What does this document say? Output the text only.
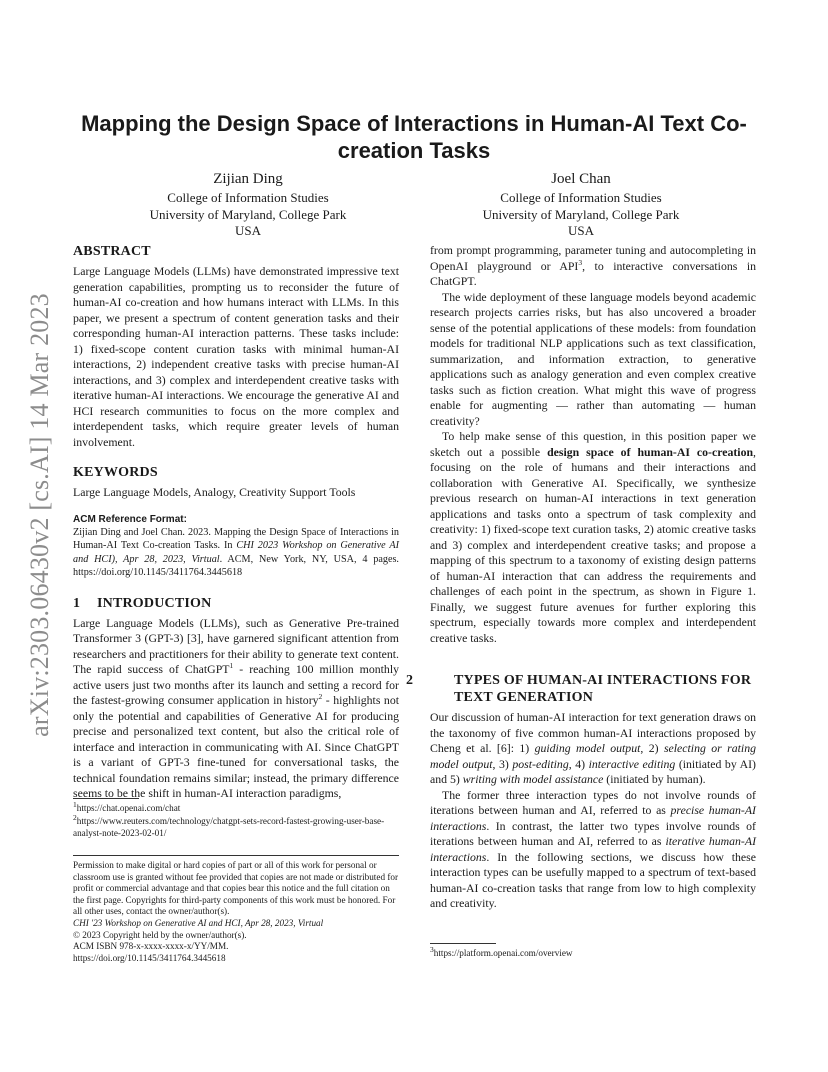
arXiv:2303.06430v2 [cs.AI] 14 Mar 2023
Mapping the Design Space of Interactions in Human-AI Text Co-creation Tasks
Zijian Ding
College of Information Studies
University of Maryland, College Park
USA
Joel Chan
College of Information Studies
University of Maryland, College Park
USA
ABSTRACT

Large Language Models (LLMs) have demonstrated impressive text generation capabilities, prompting us to reconsider the future of human-AI co-creation and how humans interact with LLMs. In this paper, we present a spectrum of content generation tasks and their corresponding human-AI interaction patterns. These tasks include: 1) fixed-scope content curation tasks with minimal human-AI interactions, 2) independent creative tasks with precise human-AI interactions, and 3) complex and interdependent creative tasks with iterative human-AI interactions. We encourage the generative AI and HCI research communities to focus on the more complex and interdependent tasks, which require greater levels of human involvement.

KEYWORDS

Large Language Models, Analogy, Creativity Support Tools

ACM Reference Format:

Zijian Ding and Joel Chan. 2023. Mapping the Design Space of Interactions in Human-AI Text Co-creation Tasks. In CHI 2023 Workshop on Generative AI and HCI), Apr 28, 2023, Virtual. ACM, New York, NY, USA, 4 pages. https://doi.org/10.1145/3411764.3445618

1 INTRODUCTION

Large Language Models (LLMs), such as Generative Pre-trained Transformer 3 (GPT-3) [3], have garnered significant attention from researchers and practitioners for their ability to generate text content. The rapid success of ChatGPT$^1$ - reaching 100 million monthly active users just two months after its launch and setting a record for the fastest-growing consumer application in history$^2$ - highlights not only the potential and capabilities of Generative AI for producing precise and personalized text content, but also the critical role of interface and interaction in communicating with AI. Since ChatGPT is a variant of GPT-3 fine-tuned for conversational tasks, the technical foundation remains similar; instead, the primary difference seems to be the shift in human-AI interaction paradigms,

$^1$https://chat.openai.com/chat
$^2$https://www.reuters.com/technology/chatgpt-sets-record-fastest-growing-user-base-analyst-note-2023-02-01/
Permission to make digital or hard copies of part or all of this work for personal or classroom use is granted without fee provided that copies are not made or distributed for profit or commercial advantage and that copies bear this notice and the full citation on the first page. Copyrights for third-party components of this work must be honored. For all other uses, contact the owner/author(s).
CHI '23 Workshop on Generative AI and HCI, Apr 28, 2023, Virtual
© 2023 Copyright held by the owner/author(s).
ACM ISBN 978-x-xxxx-xxxx-x/YY/MM.
https://doi.org/10.1145/3411764.3445618

from prompt programming, parameter tuning and autocompleting in OpenAI playground or API$^3$, to interactive conversations in ChatGPT.

The wide deployment of these language models beyond academic research projects carries risks, but has also uncovered a broader sense of the potential applications of these models: from foundation models for traditional NLP applications such as text classification, summarization, and information extraction, to generative applications such as analogy generation and even complex creative tasks such as fiction creation. What might this wave of progress enable for augmenting — rather than automating — human creativity?

To help make sense of this question, in this position paper we sketch out a possible design space of human-AI co-creation, focusing on the role of humans and their interactions and collaboration with Generative AI. Specifically, we synthesize previous research on human-AI interactions in text generation applications and tasks onto a spectrum of task complexity and creativity: 1) fixed-scope text curation tasks, 2) atomic creative tasks and 3) complex and interdependent creative tasks; and propose a mapping of this spectrum to a taxonomy of existing design patterns of human-AI interaction that can address the requirements and challenges of each point in the spectrum, as shown in Figure 1. Finally, we suggest future avenues for further exploring this spectrum, especially towards more complex and interdependent creative tasks.

2	TYPES OF HUMAN-AI INTERACTIONS FOR TEXT GENERATION

Our discussion of human-AI interaction for text generation draws on the taxonomy of five common human-AI interactions proposed by Cheng et al. [6]: 1) guiding model output, 2) selecting or rating model output, 3) post-editing, 4) interactive editing (initiated by AI) and 5) writing with model assistance (initiated by human).

The former three interaction types do not involve rounds of iterations between human and AI, referred to as precise human-AI interactions. In contrast, the latter two types involve rounds of iterations between human and AI, referred to as iterative human-AI interactions. In the following sections, we discuss how these interaction types can be usefully mapped to a spectrum of text-based human-AI co-creation tasks that range from low to high complexity and creativity.

$^3$https://platform.openai.com/overview
